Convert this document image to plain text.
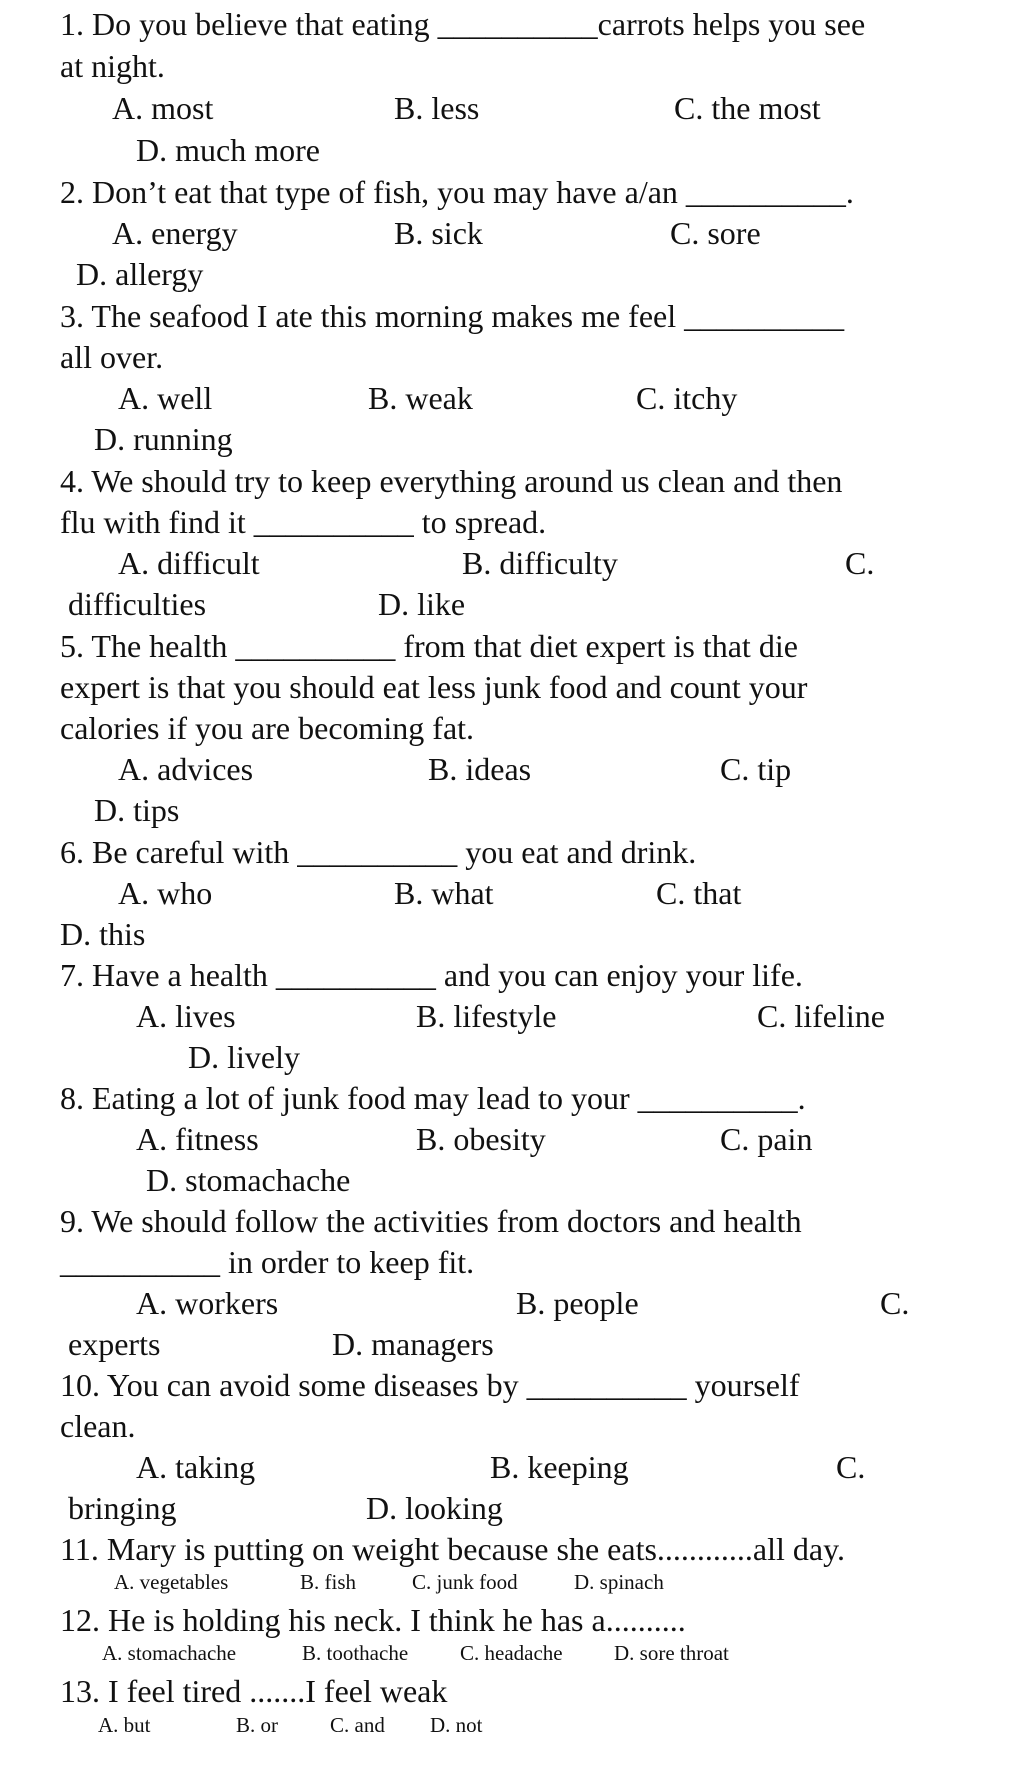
1. Do you believe that eating __________carrots helps you see
at night.
A. most	B. less	C. the most
D. much more
2. Don’t eat that type of fish, you may have a/an __________.
A. energy	B. sick	C. sore
D. allergy
3. The seafood I ate this morning makes me feel __________
all over.
A. well	B. weak	C. itchy
D. running
4. We should try to keep everything around us clean and then
flu with find it __________ to spread.
A. difficult	B. difficulty	C.
difficulties	D. like
5. The health __________ from that diet expert is that die
expert is that you should eat less junk food and count your
calories if you are becoming fat.
A. advices	B. ideas	C. tip
D. tips
6. Be careful with __________ you eat and drink.
A. who	B. what	C. that
D. this
7. Have a health __________ and you can enjoy your life.
A. lives	B. lifestyle	C. lifeline
D. lively
8. Eating a lot of junk food may lead to your __________.
A. fitness	B. obesity	C. pain
D. stomachache
9. We should follow the activities from doctors and health
__________ in order to keep fit.
A. workers	B. people	C.
experts	D. managers
10. You can avoid some diseases by __________ yourself
clean.
A. taking	B. keeping	C.
bringing	D. looking
11. Mary is putting on weight because she eats............all day.
A. vegetables	B. fish	C. junk food	D. spinach
12. He is holding his neck. I think he has a..........
A. stomachache	B. toothache C. headache D. sore throat
13. I feel tired .......I feel weak
A. but	B. or C. and D. not
